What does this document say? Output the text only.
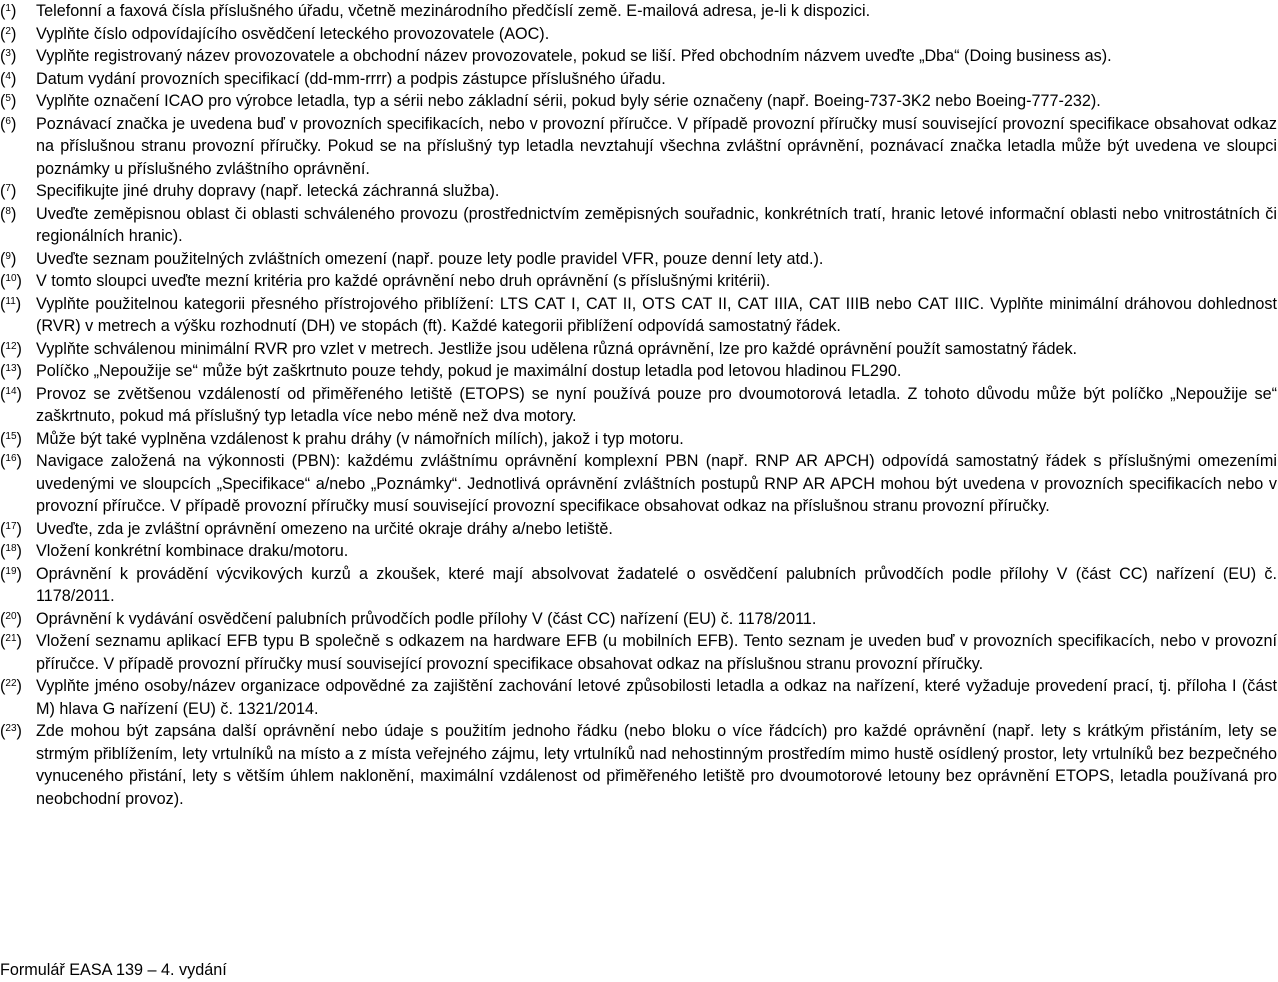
($^1$)	Telefonní a faxová čísla příslušného úřadu, včetně mezinárodního předčíslí země. E-mailová adresa, je-li k dispozici.
($^2$)	Vyplňte číslo odpovídajícího osvědčení leteckého provozovatele (AOC).
($^3$)	Vyplňte registrovaný název provozovatele a obchodní název provozovatele, pokud se liší. Před obchodním názvem uveďte „Dba“ (Doing business as).
($^4$)	Datum vydání provozních specifikací (dd-mm-rrrr) a podpis zástupce příslušného úřadu.
($^5$)	Vyplňte označení ICAO pro výrobce letadla, typ a sérii nebo základní sérii, pokud byly série označeny (např. Boeing-737-3K2 nebo Boeing-777-232).
($^6$)	Poznávací značka je uvedena buď v provozních specifikacích, nebo v provozní příručce. V případě provozní příručky musí související provozní specifikace obsahovat odkaz na příslušnou stranu provozní příručky. Pokud se na příslušný typ letadla nevztahují všechna zvláštní oprávnění, poznávací značka letadla může být uvedena ve sloupci poznámky u příslušného zvláštního oprávnění.
($^7$)	Specifikujte jiné druhy dopravy (např. letecká záchranná služba).
($^8$)	Uveďte zeměpisnou oblast či oblasti schváleného provozu (prostřednictvím zeměpisných souřadnic, konkrétních tratí, hranic letové informační oblasti nebo vnitrostátních či regionálních hranic).
($^9$)	Uveďte seznam použitelných zvláštních omezení (např. pouze lety podle pravidel VFR, pouze denní lety atd.).
($^{10}$) V tomto sloupci uveďte mezní kritéria pro každé oprávnění nebo druh oprávnění (s příslušnými kritérii).
($^{11}$) Vyplňte použitelnou kategorii přesného přístrojového přiblížení: LTS CAT I, CAT II, OTS CAT II, CAT IIIA, CAT IIIB nebo CAT IIIC. Vyplňte minimální dráhovou dohlednost (RVR) v metrech a výšku rozhodnutí (DH) ve stopách (ft). Každé kategorii přiblížení odpovídá samostatný řádek.
($^{12}$) Vyplňte schválenou minimální RVR pro vzlet v metrech. Jestliže jsou udělena různá oprávnění, lze pro každé oprávnění použít samostatný řádek.
($^{13}$) Políčko „Nepoužije se“ může být zaškrtnuto pouze tehdy, pokud je maximální dostup letadla pod letovou hladinou FL290.
($^{14}$) Provoz se zvětšenou vzdáleností od přiměřeného letiště (ETOPS) se nyní používá pouze pro dvoumotorová letadla. Z tohoto důvodu může být políčko „Nepoužije se“ zaškrtnuto, pokud má příslušný typ letadla více nebo méně než dva motory.
($^{15}$) Může být také vyplněna vzdálenost k prahu dráhy (v námořních mílích), jakož i typ motoru.
($^{16}$) Navigace založená na výkonnosti (PBN): každému zvláštnímu oprávnění komplexní PBN (např. RNP AR APCH) odpovídá samostatný řádek s příslušnými omezeními uvedenými ve sloupcích „Specifikace“ a/nebo „Poznámky“. Jednotlivá oprávnění zvláštních postupů RNP AR APCH mohou být uvedena v provozních specifikacích nebo v provozní příručce. V případě provozní příručky musí související provozní specifikace obsahovat odkaz na příslušnou stranu provozní příručky.
($^{17}$) Uveďte, zda je zvláštní oprávnění omezeno na určité okraje dráhy a/nebo letiště.
($^{18}$) Vložení konkrétní kombinace draku/motoru.
($^{19}$) Oprávnění k provádění výcvikových kurzů a zkoušek, které mají absolvovat žadatelé o osvědčení palubních průvodčích podle přílohy V (část CC) nařízení (EU) č. 1178/2011.
($^{20}$) Oprávnění k vydávání osvědčení palubních průvodčích podle přílohy V (část CC) nařízení (EU) č. 1178/2011.
($^{21}$) Vložení seznamu aplikací EFB typu B společně s odkazem na hardware EFB (u mobilních EFB). Tento seznam je uveden buď v provozních specifikacích, nebo v provozní příručce. V případě provozní příručky musí související provozní specifikace obsahovat odkaz na příslušnou stranu provozní příručky.
($^{22}$) Vyplňte jméno osoby/název organizace odpovědné za zajištění zachování letové způsobilosti letadla a odkaz na nařízení, které vyžaduje provedení prací, tj. příloha I (část M) hlava G nařízení (EU) č. 1321/2014.
($^{23}$) Zde mohou být zapsána další oprávnění nebo údaje s použitím jednoho řádku (nebo bloku o více řádcích) pro každé oprávnění (např. lety s krátkým přistáním, lety se strmým přiblížením, lety vrtulníků na místo a z místa veřejného zájmu, lety vrtulníků nad nehostinným prostředím mimo hustě osídlený prostor, lety vrtulníků bez bezpečného vynuceného přistání, lety s větším úhlem naklonění, maximální vzdálenost od přiměřeného letiště pro dvoumotorové letouny bez oprávnění ETOPS, letadla používaná pro neobchodní provoz).
Formulář EASA 139 – 4. vydání
